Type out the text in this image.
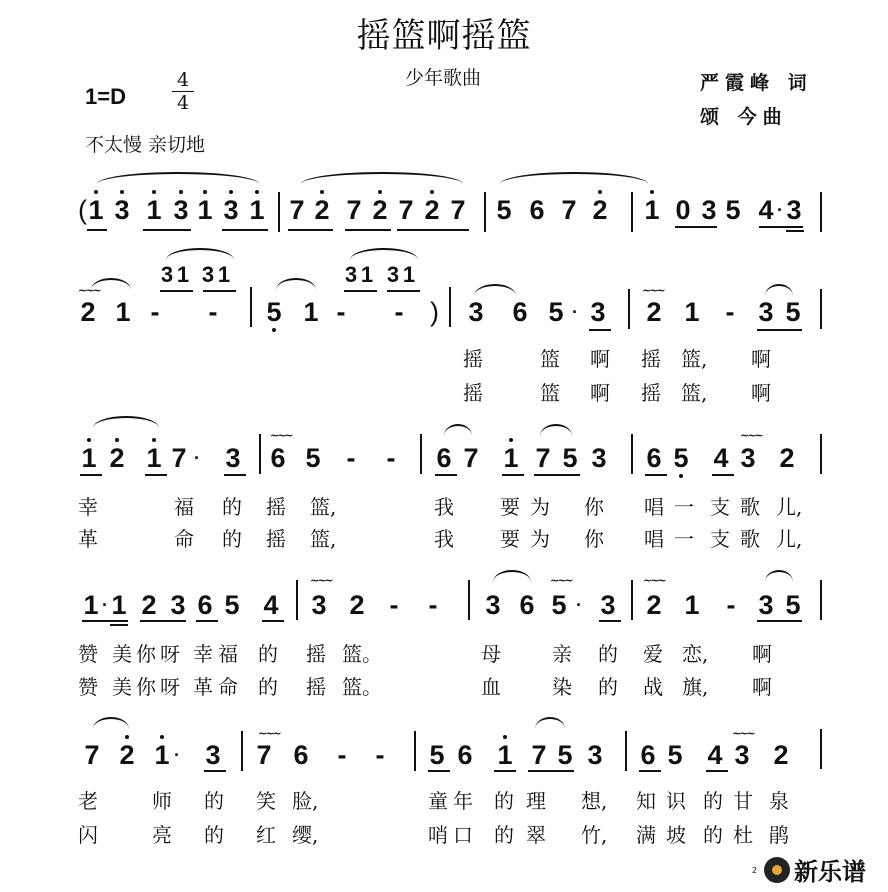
摇篮啊摇篮
少年歌曲
1=D
4
4
严霞峰 词
颂 今曲
不太慢 亲切地
( 1 3 1 3 1 3 1 7 2 7 2 7 2 7 5 6 7 2 1 0 3 5 4 · 3
~~~
2 1 - -
3 1 3 1
5 1 - -
3 1 3 1
) 3 6 5 · 3
~~~
2 1 - 3 5
摇	篮 啊 摇 篮, 啊
摇	篮 啊 摇 篮, 啊
1 2 1 7 · 3
~~~
6 5 - - 6 7 1 7 5 3 6 5 4
~~~
3 2
幸	福 的 摇 篮,	我 要 为 你 唱 一 支 歌 儿,
革	命 的 摇 篮,	我 要 为 你 唱 一 支 歌 儿,
1 · 1 2 3 6 5 4
~~~
3 2 - -
~~~
3 6 5 · 3
~~~
2 1 - 3 5
赞 美 你 呀 幸 福 的 摇 篮。	母	亲 的 爱 恋, 啊
赞 美 你 呀 革 命 的 摇 篮。	血	染 的 战 旗, 啊
7 2 1 · 3
~~~
7 6 - - 5 6 1 7 5 3 6 5 4
~~~
3 2
老	师 的 笑 脸,	童 年 的 理 想, 知 识 的 甘 泉
闪	亮 的 红 缨,	哨 口 的 翠 竹, 满 坡 的 杜 鹃
2 新乐谱
